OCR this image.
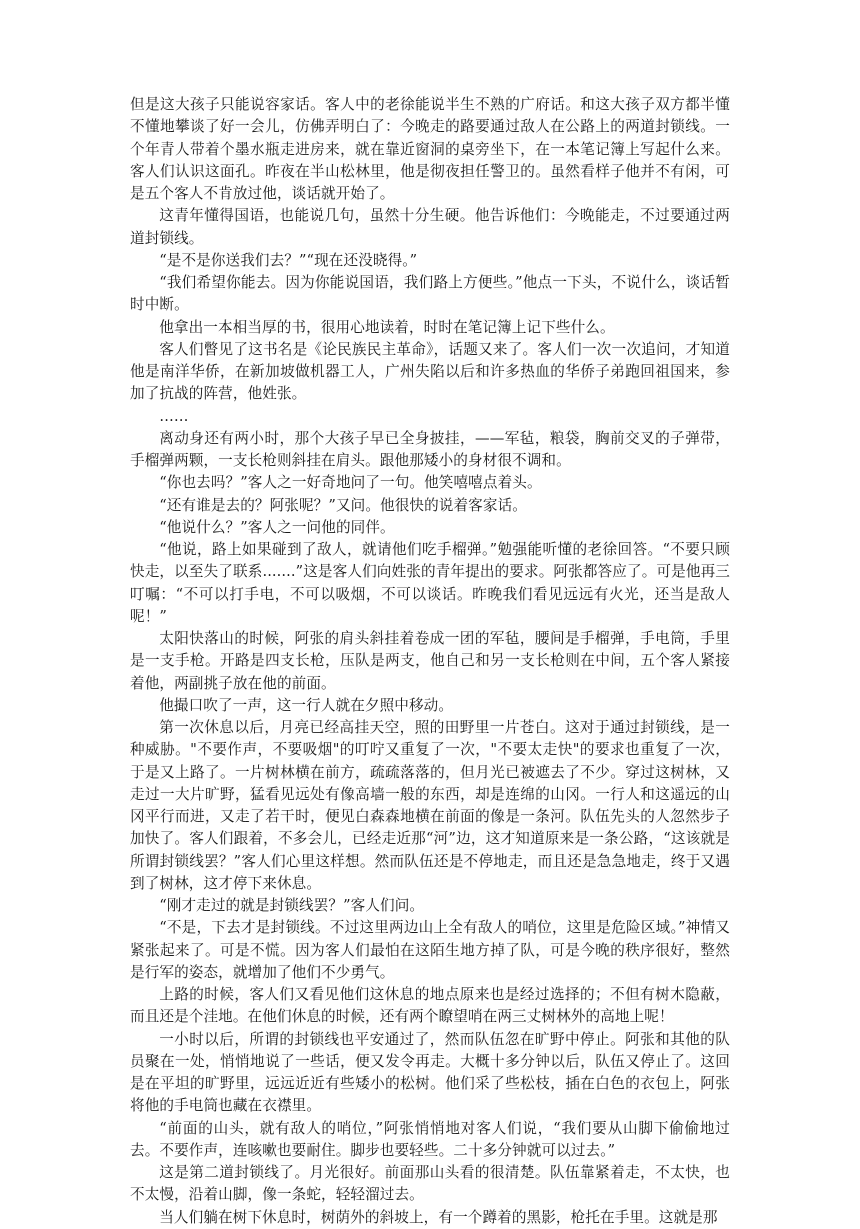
但是这大孩子只能说容家话。客人中的老徐能说半生不熟的广府话。和这大孩子双方都半懂不懂地攀谈了好一会儿，仿佛弄明白了：今晚走的路要通过敌人在公路上的两道封锁线。一个年青人带着个墨水瓶走进房来，就在靠近窗洞的桌旁坐下，在一本笔记簿上写起什么来。客人们认识这面孔。昨夜在半山松林里，他是彻夜担任警卫的。虽然看样子他并不有闲，可是五个客人不肯放过他，谈话就开始了。

这青年懂得国语，也能说几句，虽然十分生硬。他告诉他们：今晚能走，不过要通过两道封锁线。

“是不是你送我们去？”“现在还没晓得。”

“我们希望你能去。因为你能说国语，我们路上方便些。”他点一下头，不说什么，谈话暂时中断。

他拿出一本相当厚的书，很用心地读着，时时在笔记簿上记下些什么。

客人们瞥见了这书名是《论民族民主革命》，话题又来了。客人们一次一次追问，才知道他是南洋华侨，在新加坡做机器工人，广州失陷以后和许多热血的华侨子弟跑回祖国来，参加了抗战的阵营，他姓张。

……

离动身还有两小时，那个大孩子早已全身披挂，——军毡，粮袋，胸前交叉的子弹带，手榴弹两颗，一支长枪则斜挂在肩头。跟他那矮小的身材很不调和。

“你也去吗？”客人之一好奇地问了一句。他笑嘻嘻点着头。

“还有谁是去的？阿张呢？”又问。他很快的说着客家话。

“他说什么？”客人之一问他的同伴。

“他说，路上如果碰到了敌人，就请他们吃手榴弹。”勉强能听懂的老徐回答。“不要只顾快走，以至失了联系.......”这是客人们向姓张的青年提出的要求。阿张都答应了。可是他再三叮嘱：“不可以打手电，不可以吸烟，不可以谈话。昨晚我们看见远远有火光，还当是敌人呢！”

太阳快落山的时候，阿张的肩头斜挂着卷成一团的军毡，腰间是手榴弹，手电筒，手里是一支手枪。开路是四支长枪，压队是两支，他自己和另一支长枪则在中间，五个客人紧接着他，两副挑子放在他的前面。

他撮口吹了一声，这一行人就在夕照中移动。

第一次休息以后，月亮已经高挂天空，照的田野里一片苍白。这对于通过封锁线，是一种威胁。"不要作声，不要吸烟"的叮咛又重复了一次，"不要太走快"的要求也重复了一次，于是又上路了。一片树林横在前方，疏疏落落的，但月光已被遮去了不少。穿过这树林，又走过一大片旷野，猛看见远处有像高墙一般的东西，却是连绵的山冈。一行人和这遥远的山冈平行而进，又走了若干时，便见白森森地横在前面的像是一条河。队伍先头的人忽然步子加快了。客人们跟着，不多会儿，已经走近那“河”边，这才知道原来是一条公路，“这该就是所谓封锁线罢？”客人们心里这样想。然而队伍还是不停地走，而且还是急急地走，终于又遇到了树林，这才停下来休息。

“刚才走过的就是封锁线罢？”客人们问。

“不是，下去才是封锁线。不过这里两边山上全有敌人的哨位，这里是危险区域。”神情又紧张起来了。可是不慌。因为客人们最怕在这陌生地方掉了队，可是今晚的秩序很好，整然是行军的姿态，就增加了他们不少勇气。

上路的时候，客人们又看见他们这休息的地点原来也是经过选择的；不但有树木隐蔽，而且还是个洼地。在他们休息的时候，还有两个瞭望哨在两三丈树林外的高地上呢！

一小时以后，所谓的封锁线也平安通过了，然而队伍忽在旷野中停止。阿张和其他的队员聚在一处，悄悄地说了一些话，便又发令再走。大概十多分钟以后，队伍又停止了。这回是在平坦的旷野里，远远近近有些矮小的松树。他们采了些松枝，插在白色的衣包上，阿张将他的手电筒也藏在衣襟里。

“前面的山头，就有敌人的哨位，”阿张悄悄地对客人们说，“我们要从山脚下偷偷地过去。不要作声，连咳嗽也要耐住。脚步也要轻些。二十多分钟就可以过去。”

这是第二道封锁线了。月光很好。前面那山头看的很清楚。队伍靠紧着走，不太快，也不太慢，沿着山脚，像一条蛇，轻轻溜过去。

当人们躺在树下休息时，树荫外的斜坡上，有一个蹲着的黑影，枪托在手里。这就是那
